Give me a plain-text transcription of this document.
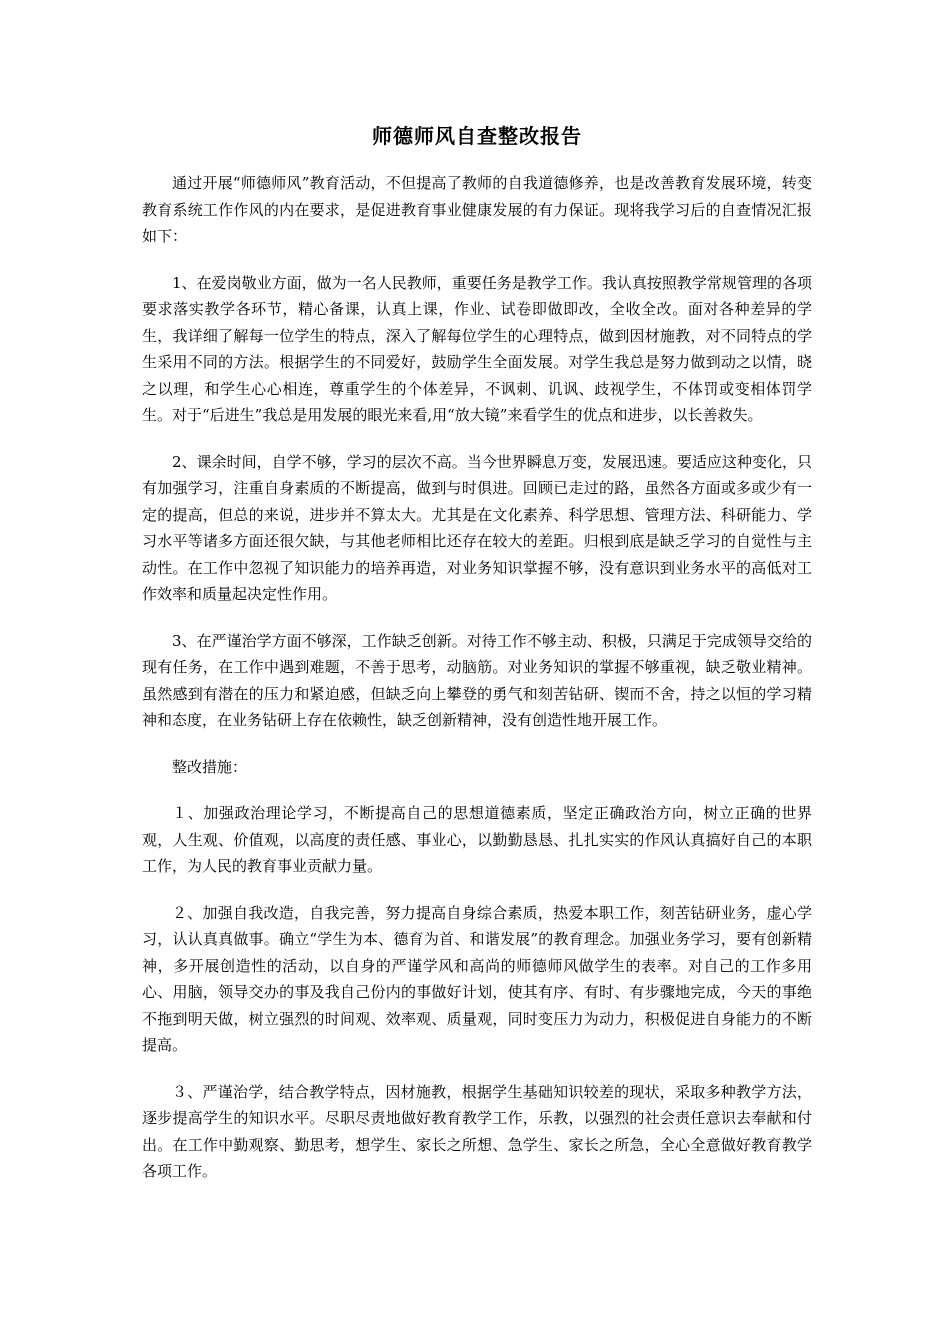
师德师风自查整改报告

通过开展“师德师风”教育活动，不但提高了教师的自我道德修养，也是改善教育发展环境，转变教育系统工作作风的内在要求，是促进教育事业健康发展的有力保证。现将我学习后的自查情况汇报如下：

1、在爱岗敬业方面，做为一名人民教师，重要任务是教学工作。我认真按照教学常规管理的各项要求落实教学各环节，精心备课，认真上课，作业、试卷即做即改，全收全改。面对各种差异的学生，我详细了解每一位学生的特点，深入了解每位学生的心理特点，做到因材施教，对不同特点的学生采用不同的方法。根据学生的不同爱好，鼓励学生全面发展。对学生我总是努力做到动之以情，晓之以理，和学生心心相连，尊重学生的个体差异，不讽刺、讥讽、歧视学生，不体罚或变相体罚学生。对于“后进生”我总是用发展的眼光来看,用“放大镜”来看学生的优点和进步，以长善救失。

2、课余时间，自学不够，学习的层次不高。当今世界瞬息万变，发展迅速。要适应这种变化，只有加强学习，注重自身素质的不断提高，做到与时俱进。回顾已走过的路，虽然各方面或多或少有一定的提高，但总的来说，进步并不算太大。尤其是在文化素养、科学思想、管理方法、科研能力、学习水平等诸多方面还很欠缺，与其他老师相比还存在较大的差距。归根到底是缺乏学习的自觉性与主动性。在工作中忽视了知识能力的培养再造，对业务知识掌握不够，没有意识到业务水平的高低对工作效率和质量起决定性作用。

3、在严谨治学方面不够深，工作缺乏创新。对待工作不够主动、积极，只满足于完成领导交给的现有任务，在工作中遇到难题，不善于思考，动脑筋。对业务知识的掌握不够重视，缺乏敬业精神。虽然感到有潜在的压力和紧迫感，但缺乏向上攀登的勇气和刻苦钻研、锲而不舍，持之以恒的学习精神和态度，在业务钻研上存在依赖性，缺乏创新精神，没有创造性地开展工作。

整改措施：

１、加强政治理论学习，不断提高自己的思想道德素质，坚定正确政治方向，树立正确的世界观，人生观、价值观，以高度的责任感、事业心，以勤勤恳恳、扎扎实实的作风认真搞好自己的本职工作，为人民的教育事业贡献力量。

２、加强自我改造，自我完善，努力提高自身综合素质，热爱本职工作，刻苦钻研业务，虚心学习，认认真真做事。确立“学生为本、德育为首、和谐发展”的教育理念。加强业务学习，要有创新精神，多开展创造性的活动，以自身的严谨学风和高尚的师德师风做学生的表率。对自己的工作多用心、用脑，领导交办的事及我自己份内的事做好计划，使其有序、有时、有步骤地完成，今天的事绝不拖到明天做，树立强烈的时间观、效率观、质量观，同时变压力为动力，积极促进自身能力的不断提高。

３、严谨治学，结合教学特点，因材施教，根据学生基础知识较差的现状，采取多种教学方法，逐步提高学生的知识水平。尽职尽责地做好教育教学工作，乐教，以强烈的社会责任意识去奉献和付出。在工作中勤观察、勤思考，想学生、家长之所想、急学生、家长之所急，全心全意做好教育教学各项工作。
